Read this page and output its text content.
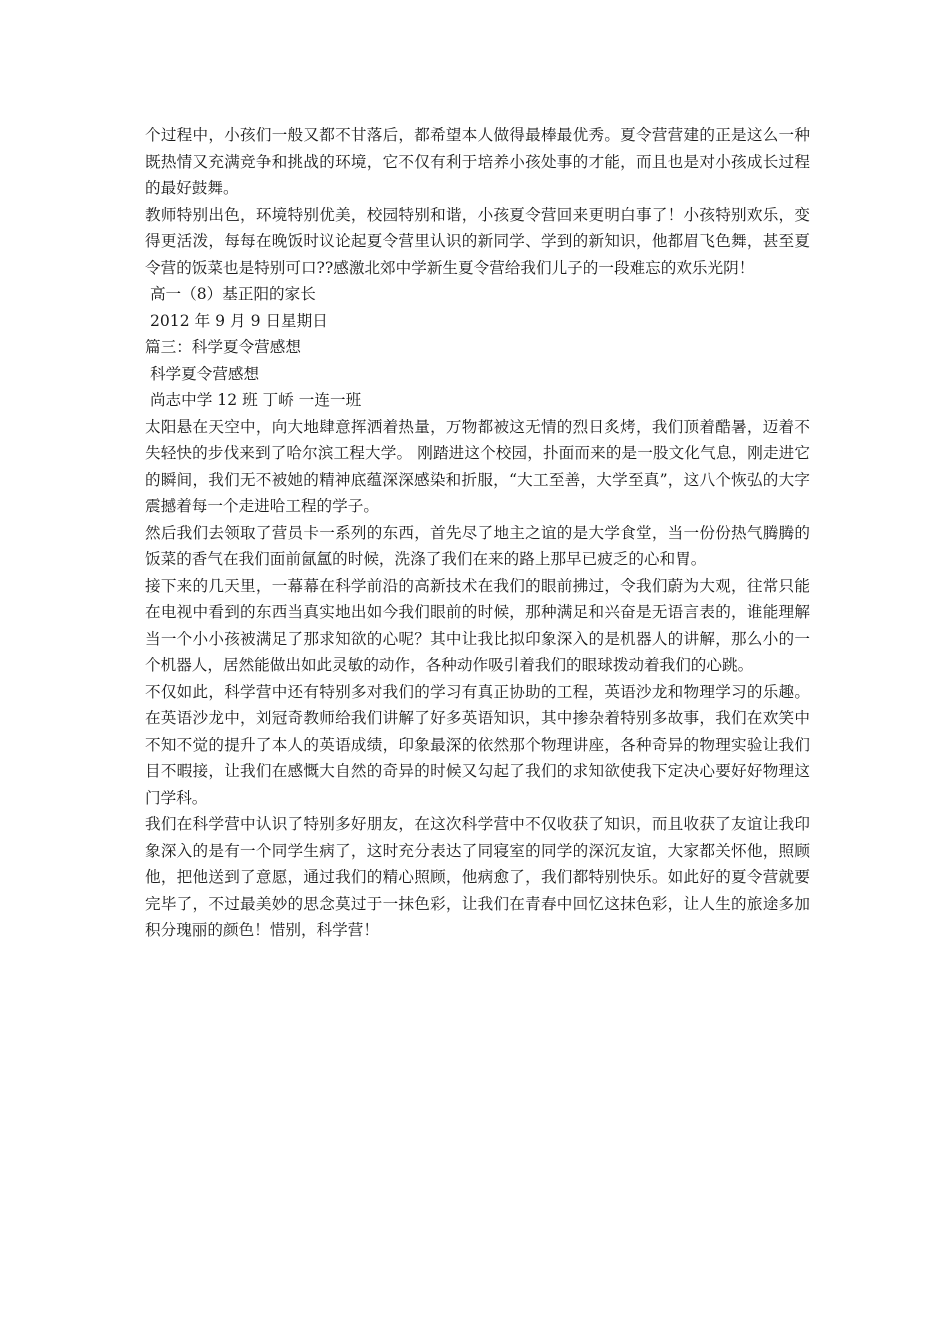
个过程中，小孩们一般又都不甘落后，都希望本人做得最棒最优秀。夏令营营建的正是这么一种既热情又充满竞争和挑战的环境，它不仅有利于培养小孩处事的才能，而且也是对小孩成长过程的最好鼓舞。

教师特别出色，环境特别优美，校园特别和谐，小孩夏令营回来更明白事了！小孩特别欢乐，变得更活泼，每每在晚饭时议论起夏令营里认识的新同学、学到的新知识，他都眉飞色舞，甚至夏令营的饭菜也是特别可口??感激北郊中学新生夏令营给我们儿子的一段难忘的欢乐光阴！

高一（8）基正阳的家长

2012 年 9 月 9 日星期日

篇三：科学夏令营感想

科学夏令营感想

尚志中学 12 班 丁峤 一连一班

太阳悬在天空中，向大地肆意挥洒着热量，万物都被这无情的烈日炙烤，我们顶着酷暑，迈着不失轻快的步伐来到了哈尔滨工程大学。 刚踏进这个校园，扑面而来的是一股文化气息，刚走进它的瞬间，我们无不被她的精神底蕴深深感染和折服，“大工至善，大学至真”，这八个恢弘的大字震撼着每一个走进哈工程的学子。

然后我们去领取了营员卡一系列的东西，首先尽了地主之谊的是大学食堂，当一份份热气腾腾的饭菜的香气在我们面前氤氲的时候，洗涤了我们在来的路上那早已疲乏的心和胃。

接下来的几天里，一幕幕在科学前沿的高新技术在我们的眼前拂过，令我们蔚为大观，往常只能在电视中看到的东西当真实地出如今我们眼前的时候，那种满足和兴奋是无语言表的，谁能理解当一个小小孩被满足了那求知欲的心呢？其中让我比拟印象深入的是机器人的讲解，那么小的一个机器人，居然能做出如此灵敏的动作，各种动作吸引着我们的眼球拨动着我们的心跳。

不仅如此，科学营中还有特别多对我们的学习有真正协助的工程，英语沙龙和物理学习的乐趣。在英语沙龙中，刘冠奇教师给我们讲解了好多英语知识，其中掺杂着特别多故事，我们在欢笑中不知不觉的提升了本人的英语成绩，印象最深的依然那个物理讲座，各种奇异的物理实验让我们目不暇接，让我们在感慨大自然的奇异的时候又勾起了我们的求知欲使我下定决心要好好物理这门学科。

我们在科学营中认识了特别多好朋友，在这次科学营中不仅收获了知识，而且收获了友谊让我印象深入的是有一个同学生病了，这时充分表达了同寝室的同学的深沉友谊，大家都关怀他，照顾他，把他送到了意愿，通过我们的精心照顾，他病愈了，我们都特别快乐。如此好的夏令营就要完毕了，不过最美妙的思念莫过于一抹色彩，让我们在青春中回忆这抹色彩，让人生的旅途多加积分瑰丽的颜色！惜别，科学营！
